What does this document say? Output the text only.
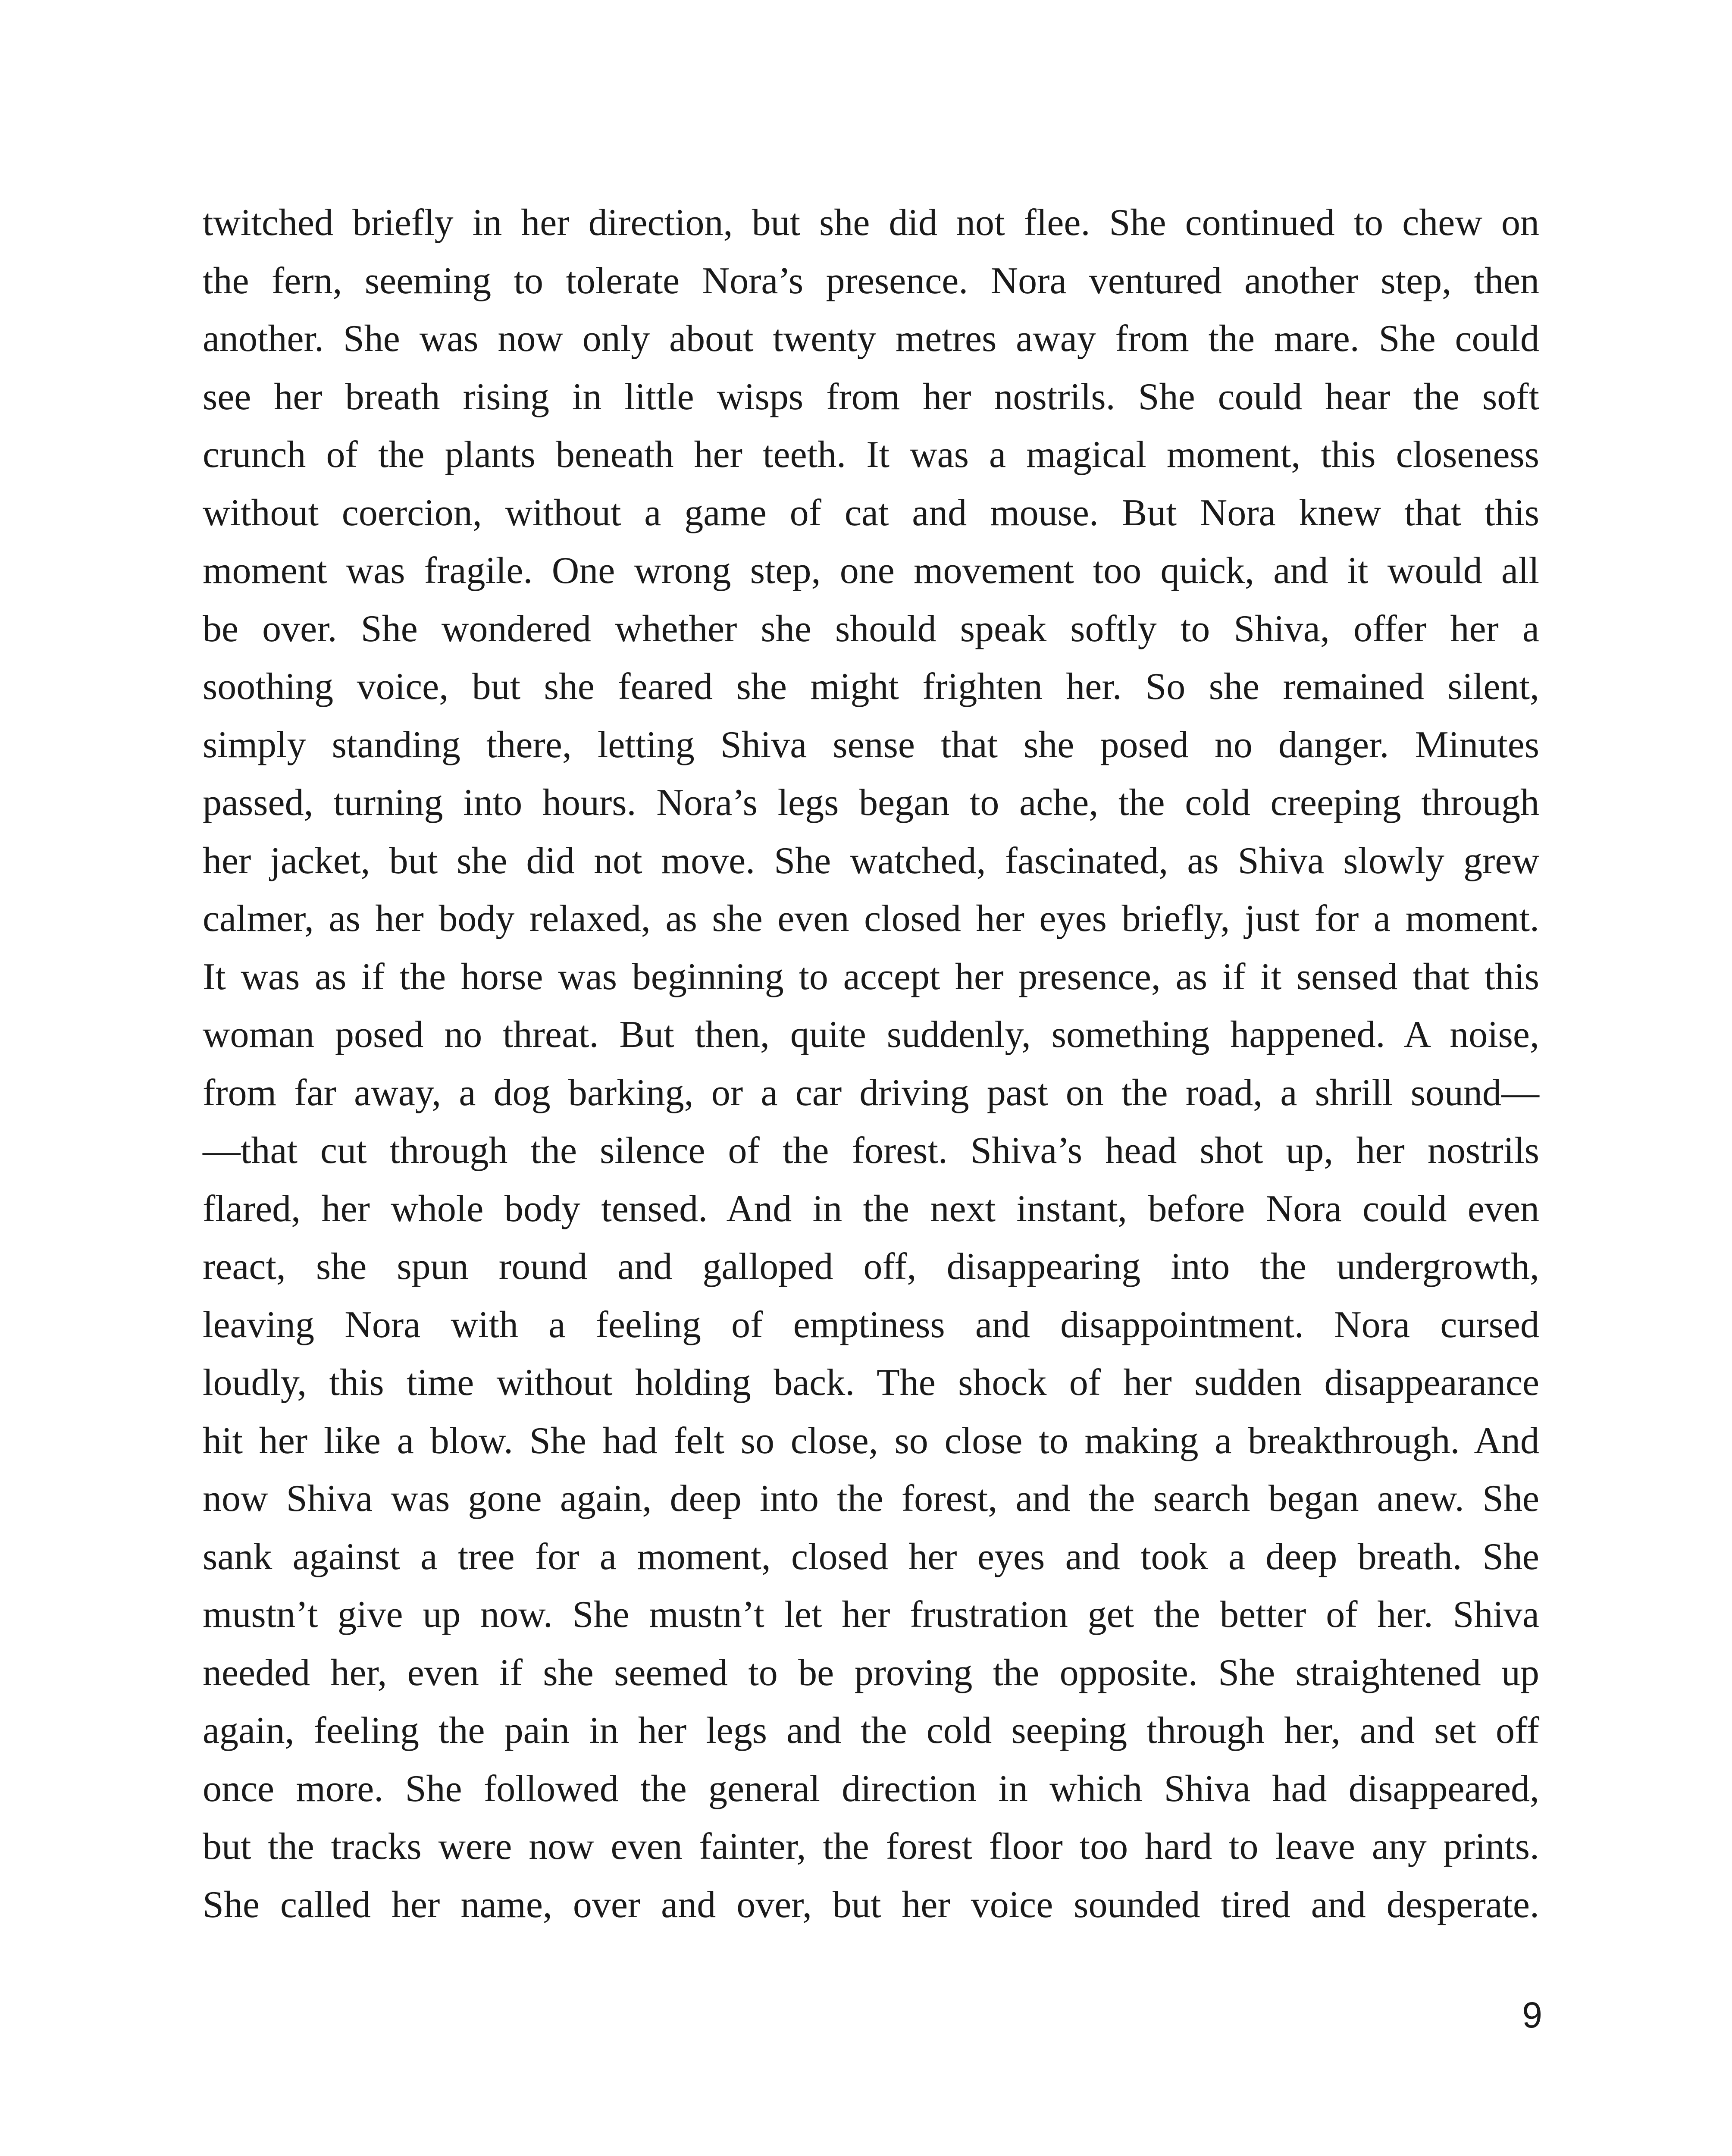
twitched briefly in her direction, but she did not flee. She continued to chew on
the fern, seeming to tolerate Nora’s presence. Nora ventured another step, then
another. She was now only about twenty metres away from the mare. She could
see her breath rising in little wisps from her nostrils. She could hear the soft
crunch of the plants beneath her teeth. It was a magical moment, this closeness
without coercion, without a game of cat and mouse. But Nora knew that this
moment was fragile. One wrong step, one movement too quick, and it would all
be over. She wondered whether she should speak softly to Shiva, offer her a
soothing voice, but she feared she might frighten her. So she remained silent,
simply standing there, letting Shiva sense that she posed no danger. Minutes
passed, turning into hours. Nora’s legs began to ache, the cold creeping through
her jacket, but she did not move. She watched, fascinated, as Shiva slowly grew
calmer, as her body relaxed, as she even closed her eyes briefly, just for a moment.
It was as if the horse was beginning to accept her presence, as if it sensed that this
woman posed no threat. But then, quite suddenly, something happened. A noise,
from far away, a dog barking, or a car driving past on the road, a shrill sound—
—that cut through the silence of the forest. Shiva’s head shot up, her nostrils
flared, her whole body tensed. And in the next instant, before Nora could even
react, she spun round and galloped off, disappearing into the undergrowth,
leaving Nora with a feeling of emptiness and disappointment. Nora cursed
loudly, this time without holding back. The shock of her sudden disappearance
hit her like a blow. She had felt so close, so close to making a breakthrough. And
now Shiva was gone again, deep into the forest, and the search began anew. She
sank against a tree for a moment, closed her eyes and took a deep breath. She
mustn’t give up now. She mustn’t let her frustration get the better of her. Shiva
needed her, even if she seemed to be proving the opposite. She straightened up
again, feeling the pain in her legs and the cold seeping through her, and set off
once more. She followed the general direction in which Shiva had disappeared,
but the tracks were now even fainter, the forest floor too hard to leave any prints.
She called her name, over and over, but her voice sounded tired and desperate.
9
